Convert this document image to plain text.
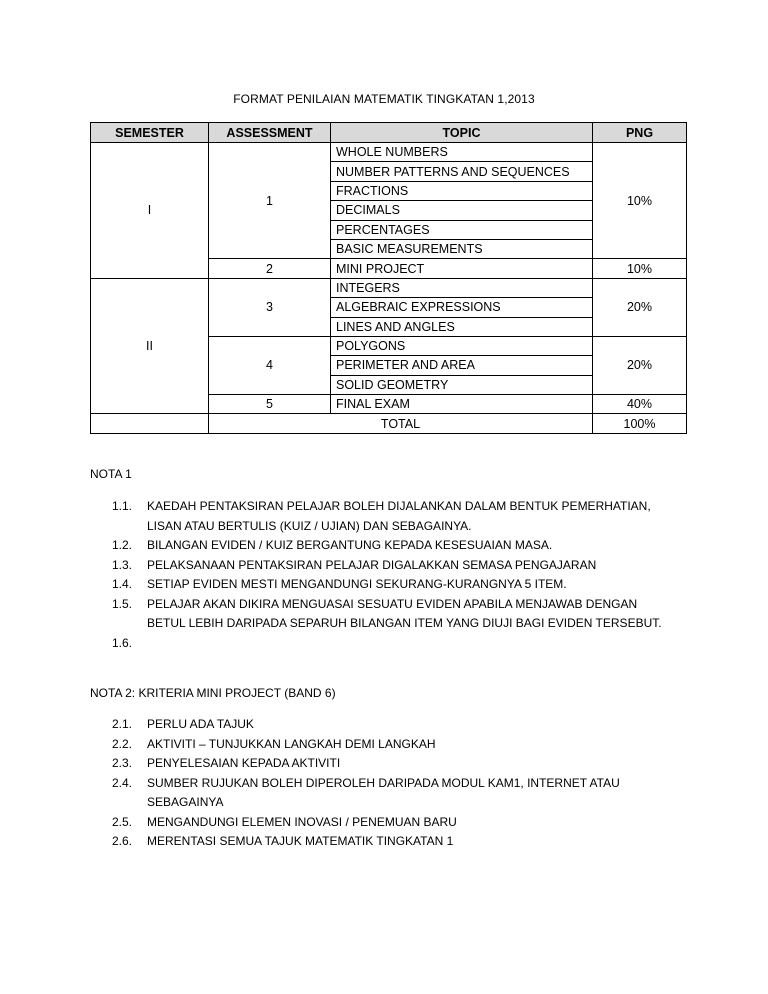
FORMAT PENILAIAN MATEMATIK TINGKATAN 1,2013
SEMESTER	ASSESSMENT	TOPIC	PNG
I	1	WHOLE NUMBERS	10%
		NUMBER PATTERNS AND SEQUENCES	
		FRACTIONS	
		DECIMALS	
		PERCENTAGES	
		BASIC MEASUREMENTS	
	2	MINI PROJECT	10%
II	3	INTEGERS	20%
		ALGEBRAIC EXPRESSIONS	
		LINES AND ANGLES	
	4	POLYGONS	20%
		PERIMETER AND AREA	
		SOLID GEOMETRY	
	5	FINAL EXAM	40%
	TOTAL		100%
NOTA 1
1.1.	KAEDAH PENTAKSIRAN PELAJAR BOLEH DIJALANKAN DALAM BENTUK PEMERHATIAN, LISAN ATAU BERTULIS (KUIZ / UJIAN) DAN SEBAGAINYA.
1.2.	BILANGAN EVIDEN / KUIZ BERGANTUNG KEPADA KESESUAIAN MASA.
1.3.	PELAKSANAAN PENTAKSIRAN PELAJAR DIGALAKKAN SEMASA PENGAJARAN
1.4.	SETIAP EVIDEN MESTI MENGANDUNGI SEKURANG-KURANGNYA 5 ITEM.
1.5.	PELAJAR AKAN DIKIRA MENGUASAI SESUATU EVIDEN APABILA MENJAWAB DENGAN BETUL LEBIH DARIPADA SEPARUH BILANGAN ITEM YANG DIUJI BAGI EVIDEN TERSEBUT.
1.6.
NOTA 2: KRITERIA MINI PROJECT (BAND 6)
2.1.	PERLU ADA TAJUK
2.2.	AKTIVITI – TUNJUKKAN LANGKAH DEMI LANGKAH
2.3.	PENYELESAIAN KEPADA AKTIVITI
2.4.	SUMBER RUJUKAN BOLEH DIPEROLEH DARIPADA MODUL KAM1, INTERNET ATAU SEBAGAINYA
2.5.	MENGANDUNGI ELEMEN INOVASI / PENEMUAN BARU
2.6.	MERENTASI SEMUA TAJUK MATEMATIK TINGKATAN 1
